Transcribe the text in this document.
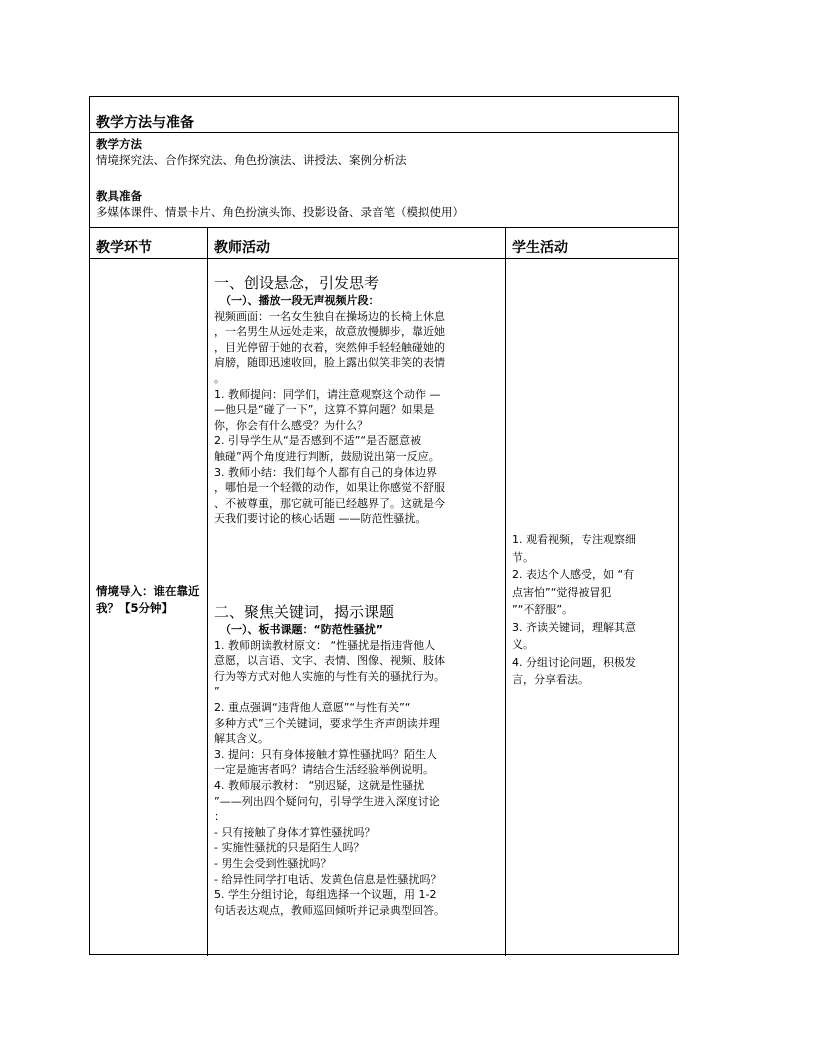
教学方法与准备
教学方法
情境探究法、合作探究法、角色扮演法、讲授法、案例分析法
教具准备
多媒体课件、情景卡片、角色扮演头饰、投影设备、录音笔（模拟使用）
教学环节	教师活动	学生活动
情境导入：谁在靠近我？【5分钟】
一、创设悬念，引发思考
（一）、播放一段无声视频片段：
视频画面：一名女生独自在操场边的长椅上休息
，一名男生从远处走来，故意放慢脚步，靠近她
，目光停留于她的衣着，突然伸手轻轻触碰她的
肩膀，随即迅速收回，脸上露出似笑非笑的表情
。
1. 教师提问：同学们，请注意观察这个动作 —
—他只是“碰了一下”，这算不算问题？如果是
你，你会有什么感受？为什么？
2. 引导学生从“是否感到不适”“是否愿意被
触碰”两个角度进行判断，鼓励说出第一反应。
3. 教师小结：我们每个人都有自己的身体边界
，哪怕是一个轻微的动作，如果让你感觉不舒服
、不被尊重，那它就可能已经越界了。这就是今
天我们要讨论的核心话题 ——防范性骚扰。
二、聚焦关键词，揭示课题
（一）、板书课题：“防范性骚扰”
1. 教师朗读教材原文： “性骚扰是指违背他人
意愿，以言语、文字、表情、图像、视频、肢体
行为等方式对他人实施的与性有关的骚扰行为。
”
2. 重点强调“违背他人意愿”“与性有关”“
多种方式”三个关键词，要求学生齐声朗读并理
解其含义。
3. 提问：只有身体接触才算性骚扰吗？陌生人
一定是施害者吗？请结合生活经验举例说明。
4. 教师展示教材： “别迟疑，这就是性骚扰
”——列出四个疑问句，引导学生进入深度讨论
：
- 只有接触了身体才算性骚扰吗？
- 实施性骚扰的只是陌生人吗？
- 男生会受到性骚扰吗？
- 给异性同学打电话、发黄色信息是性骚扰吗？
5. 学生分组讨论，每组选择一个议题，用 1-2
句话表达观点，教师巡回倾听并记录典型回答。
1. 观看视频，专注观察细
节。
2. 表达个人感受，如 “有
点害怕”“觉得被冒犯
”“不舒服”。
3. 齐读关键词，理解其意
义。
4. 分组讨论问题，积极发
言，分享看法。
